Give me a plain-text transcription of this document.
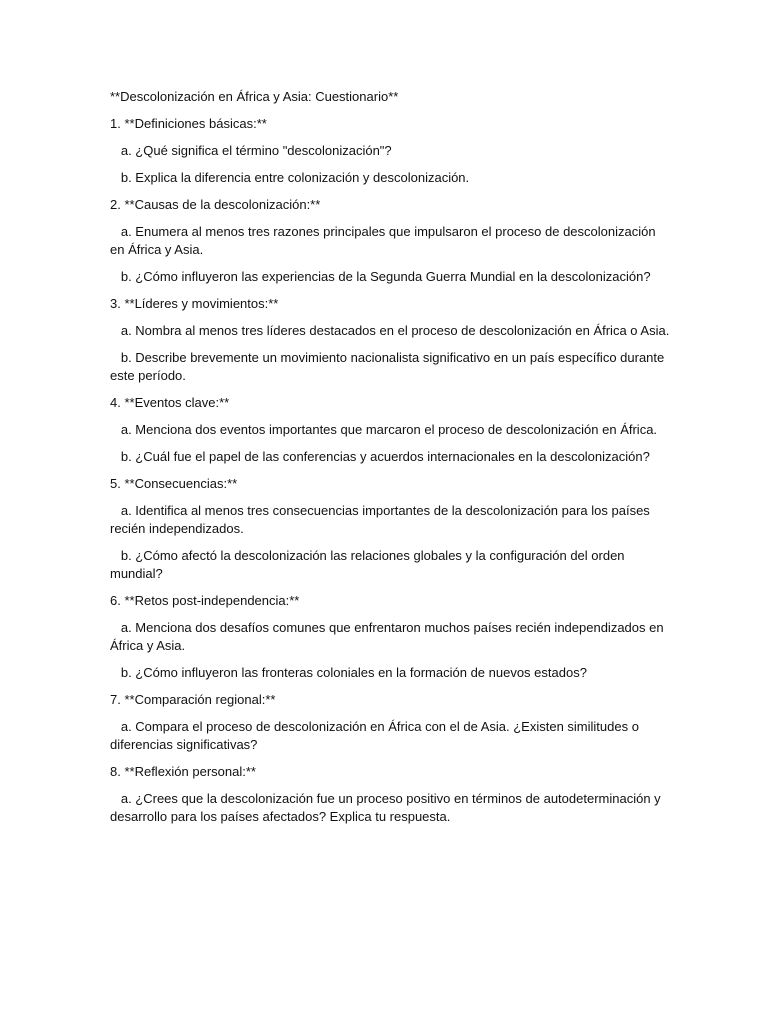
**Descolonización en África y Asia: Cuestionario**

1. **Definiciones básicas:**

a. ¿Qué significa el término "descolonización"?

b. Explica la diferencia entre colonización y descolonización.

2. **Causas de la descolonización:**

a. Enumera al menos tres razones principales que impulsaron el proceso de descolonización en África y Asia.

b. ¿Cómo influyeron las experiencias de la Segunda Guerra Mundial en la descolonización?

3. **Líderes y movimientos:**

a. Nombra al menos tres líderes destacados en el proceso de descolonización en África o Asia.

b. Describe brevemente un movimiento nacionalista significativo en un país específico durante este período.

4. **Eventos clave:**

a. Menciona dos eventos importantes que marcaron el proceso de descolonización en África.

b. ¿Cuál fue el papel de las conferencias y acuerdos internacionales en la descolonización?

5. **Consecuencias:**

a. Identifica al menos tres consecuencias importantes de la descolonización para los países recién independizados.

b. ¿Cómo afectó la descolonización las relaciones globales y la configuración del orden mundial?

6. **Retos post-independencia:**

a. Menciona dos desafíos comunes que enfrentaron muchos países recién independizados en África y Asia.

b. ¿Cómo influyeron las fronteras coloniales en la formación de nuevos estados?

7. **Comparación regional:**

a. Compara el proceso de descolonización en África con el de Asia. ¿Existen similitudes o diferencias significativas?

8. **Reflexión personal:**

a. ¿Crees que la descolonización fue un proceso positivo en términos de autodeterminación y desarrollo para los países afectados? Explica tu respuesta.
